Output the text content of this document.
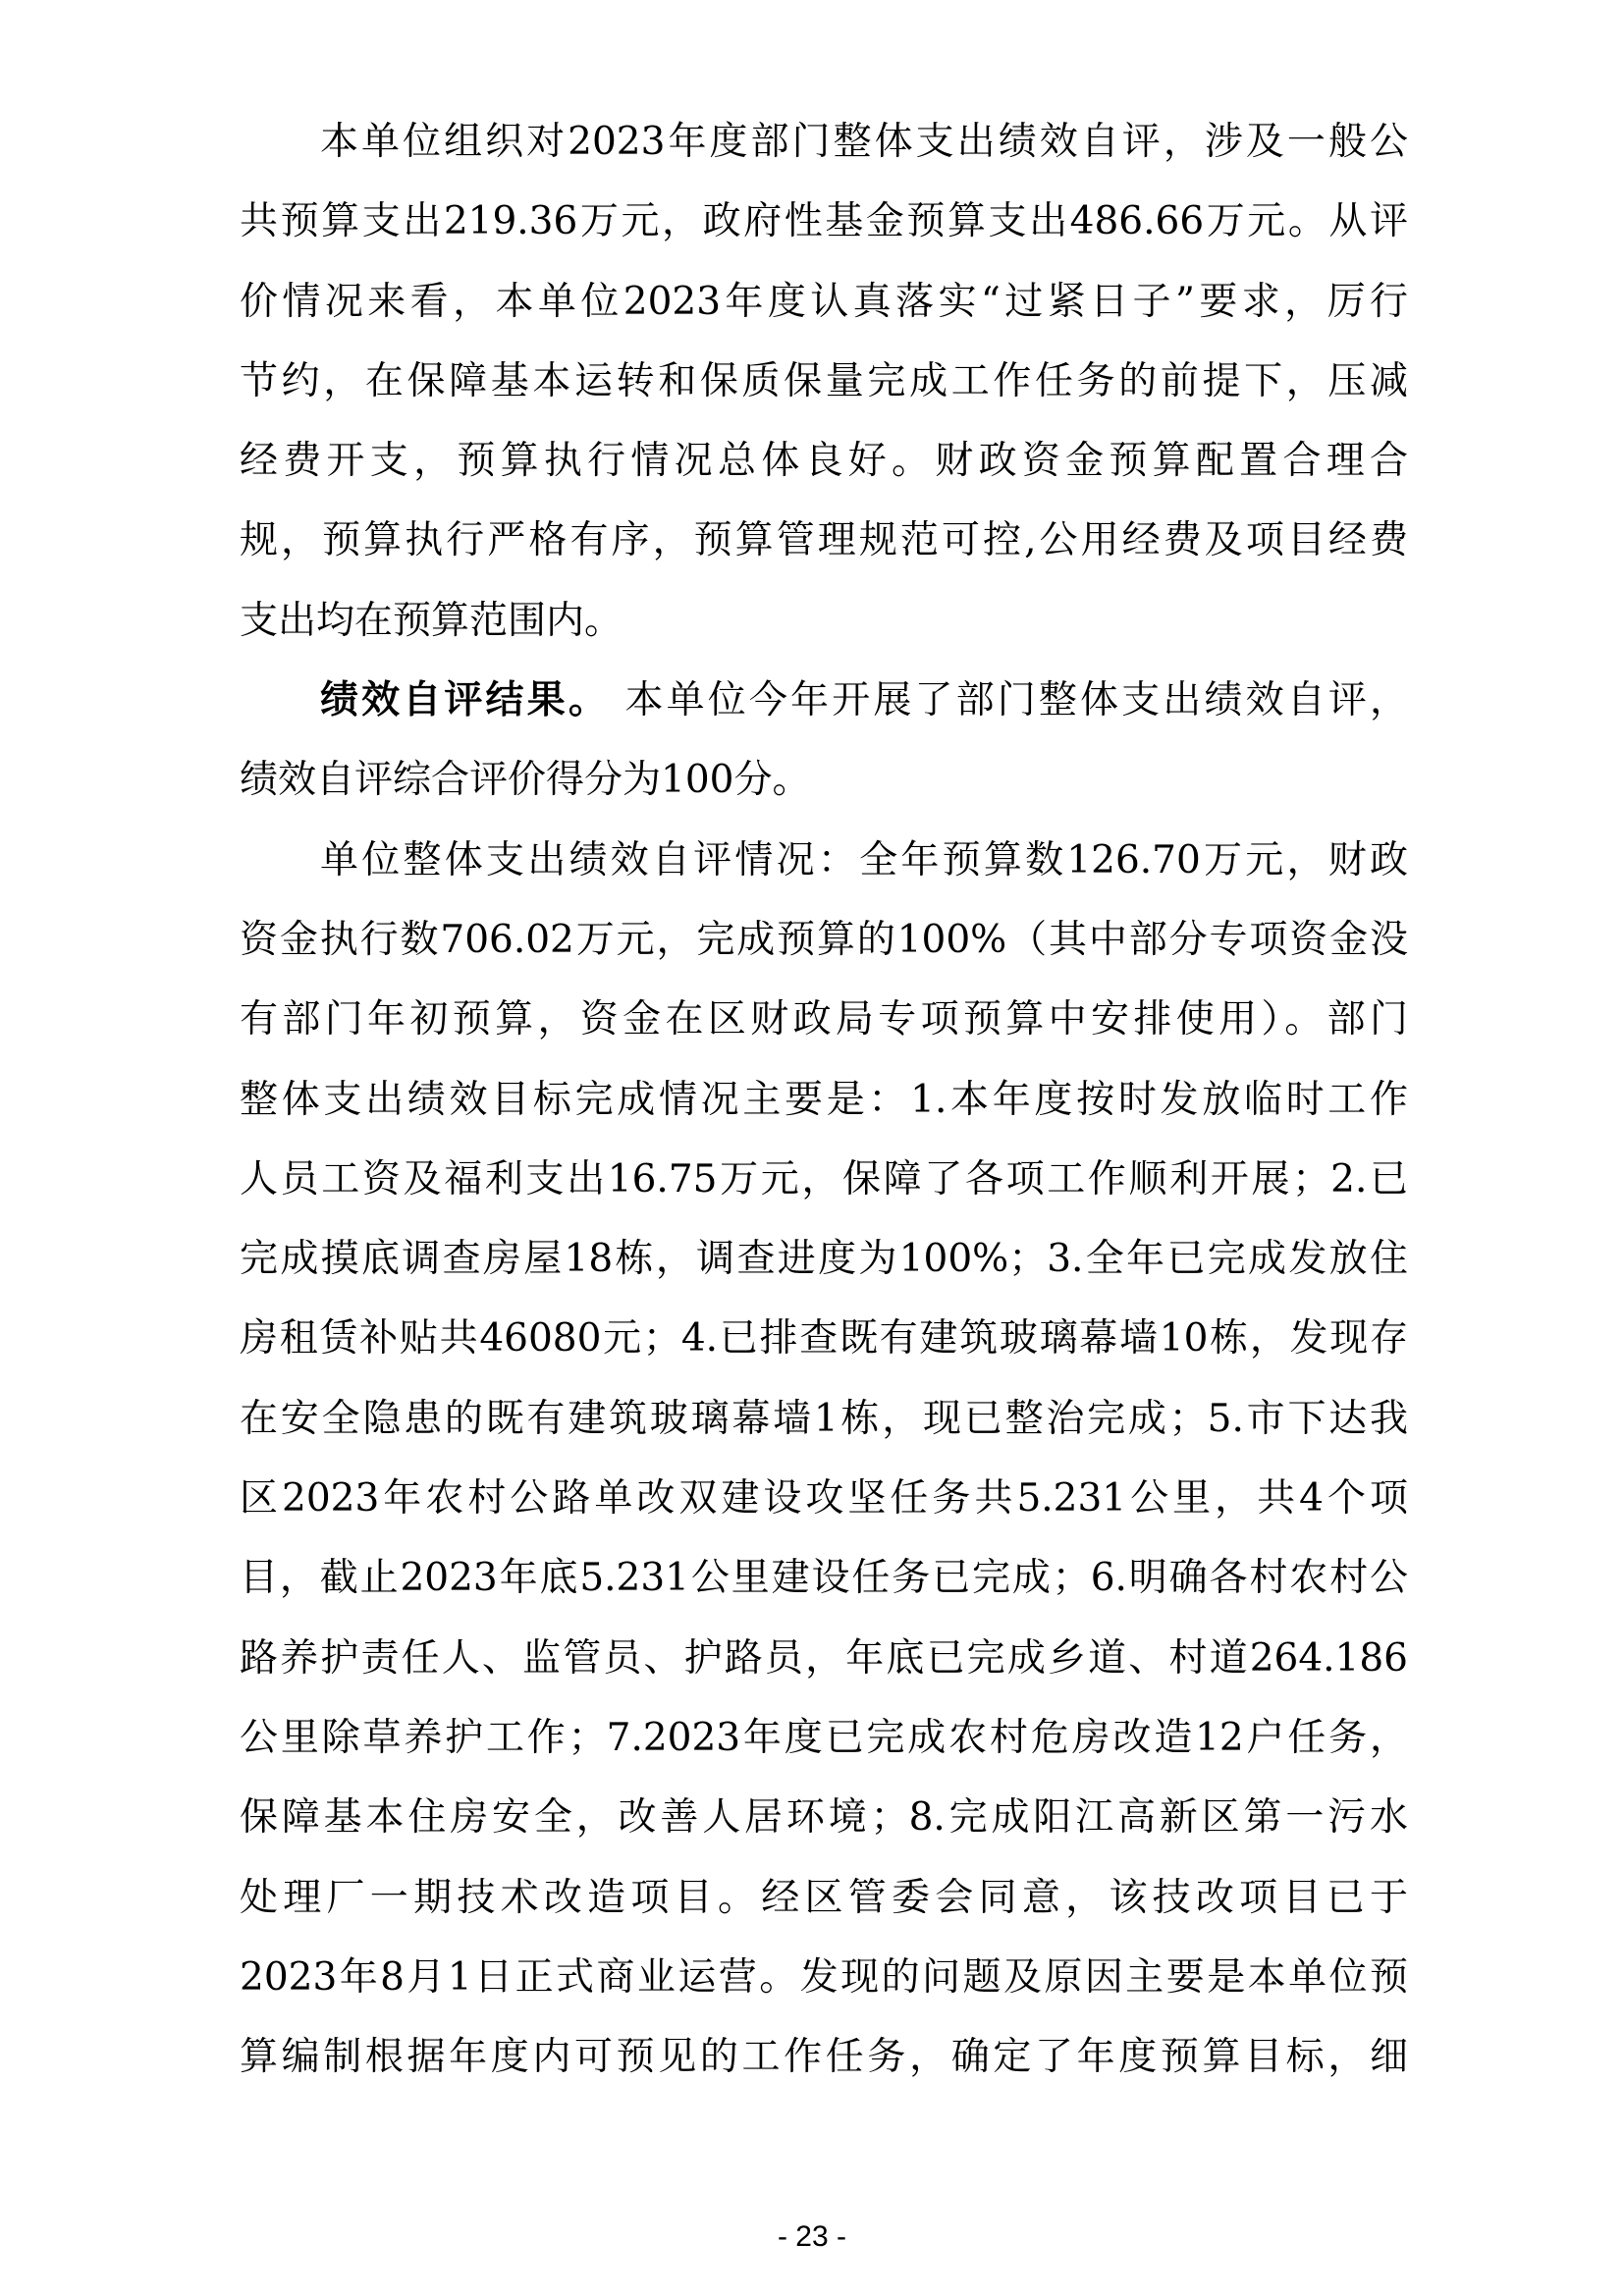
本单位组织对2023年度部门整体支出绩效自评，涉及一般公
共预算支出219.36万元，政府性基金预算支出486.66万元。从评
价情况来看，本单位2023年度认真落实“过紧日子”要求，厉行
节约，在保障基本运转和保质保量完成工作任务的前提下，压减
经费开支，预算执行情况总体良好。财政资金预算配置合理合
规，预算执行严格有序，预算管理规范可控,公用经费及项目经费
支出均在预算范围内。
绩效自评结果。 本单位今年开展了部门整体支出绩效自评，
绩效自评综合评价得分为100分。
单位整体支出绩效自评情况：全年预算数126.70万元，财政
资金执行数706.02万元，完成预算的100%（其中部分专项资金没
有部门年初预算，资金在区财政局专项预算中安排使用）。部门
整体支出绩效目标完成情况主要是：1.本年度按时发放临时工作
人员工资及福利支出16.75万元，保障了各项工作顺利开展；2.已
完成摸底调查房屋18栋，调查进度为100%；3.全年已完成发放住
房租赁补贴共46080元；4.已排查既有建筑玻璃幕墙10栋，发现存
在安全隐患的既有建筑玻璃幕墙1栋，现已整治完成；5.市下达我
区2023年农村公路单改双建设攻坚任务共5.231公里，共4个项
目，截止2023年底5.231公里建设任务已完成；6.明确各村农村公
路养护责任人、监管员、护路员，年底已完成乡道、村道264.186
公里除草养护工作；7.2023年度已完成农村危房改造12户任务，
保障基本住房安全，改善人居环境；8.完成阳江高新区第一污水
处理厂一期技术改造项目。经区管委会同意，该技改项目已于
2023年8月1日正式商业运营。发现的问题及原因主要是本单位预
算编制根据年度内可预见的工作任务，确定了年度预算目标，细
- 23 -
